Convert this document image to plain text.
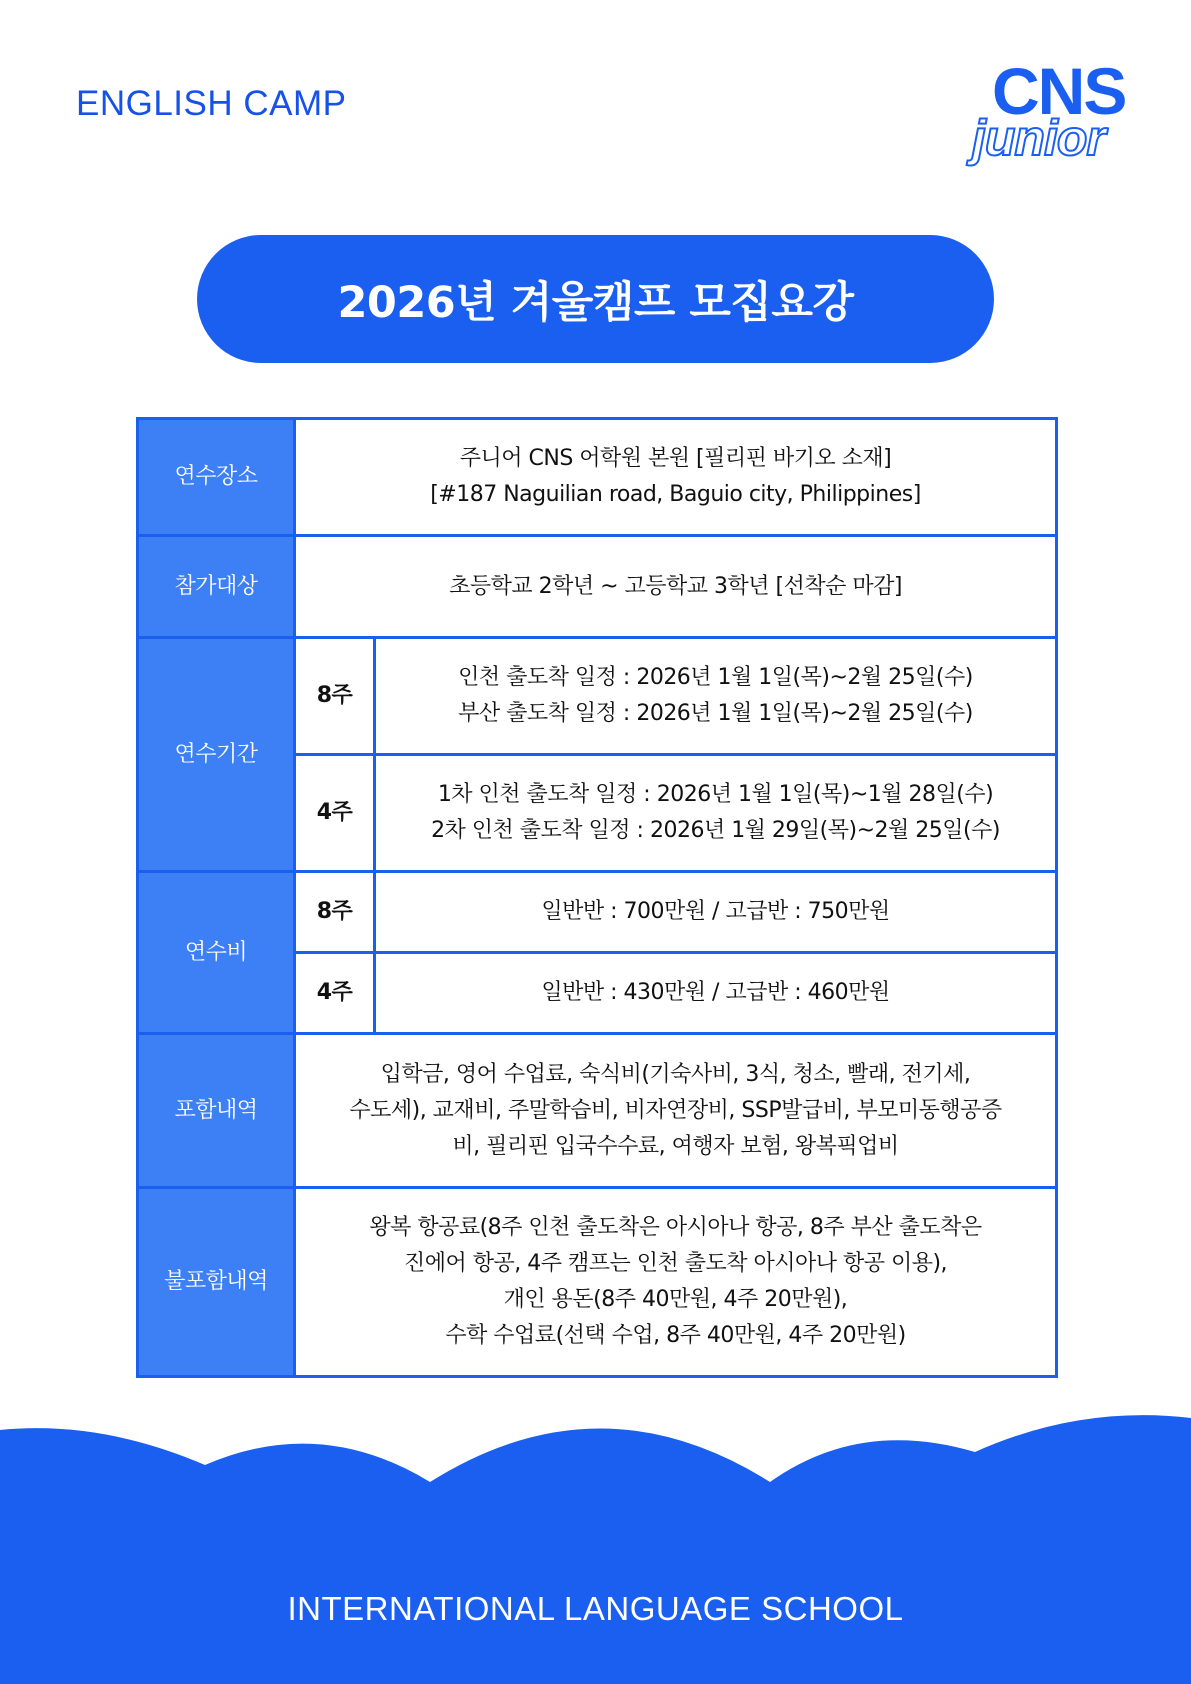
ENGLISH CAMP	CNS
junior
2026년 겨울캠프 모집요강
연수장소	주니어 CNS 어학원 본원 [필리핀 바기오 소재]
[#187 Naguilian road, Baguio city, Philippines]	

참가대상	초등학교 2학년 ~ 고등학교 3학년 [선착순 마감]	

연수기간	8주	인천 출도착 일정 : 2026년 1월 1일(목)~2월 25일(수)
부산 출도착 일정 : 2026년 1월 1일(목)~2월 25일(수)

	4주	1차 인천 출도착 일정 : 2026년 1월 1일(목)~1월 28일(수)
2차 인천 출도착 일정 : 2026년 1월 29일(목)~2월 25일(수)

연수비	8주	일반반 : 700만원 / 고급반 : 750만원
	4주	일반반 : 430만원 / 고급반 : 460만원
포함내역	입학금, 영어 수업료, 숙식비(기숙사비, 3식, 청소, 빨래, 전기세,
수도세), 교재비, 주말학습비, 비자연장비, SSP발급비, 부모미동행공증
비, 필리핀 입국수수료, 여행자 보험, 왕복픽업비	

불포함내역	왕복 항공료(8주 인천 출도착은 아시아나 항공, 8주 부산 출도착은
진에어 항공, 4주 캠프는 인천 출도착 아시아나 항공 이용),
개인 용돈(8주 40만원, 4주 20만원),
수학 수업료(선택 수업, 8주 40만원, 4주 20만원)	
INTERNATIONAL LANGUAGE SCHOOL
